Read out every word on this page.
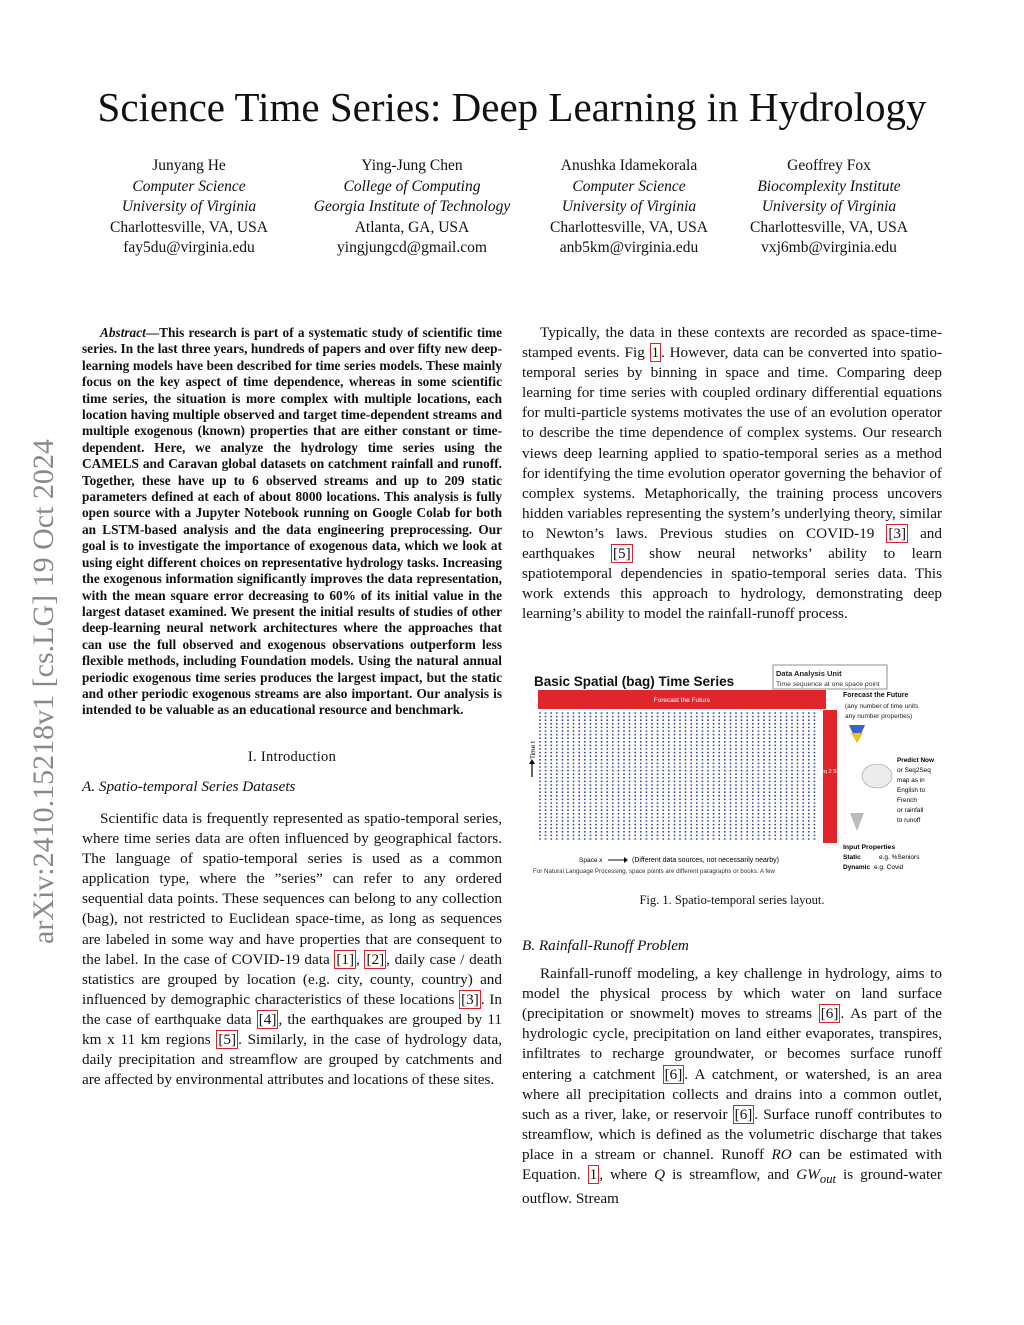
Science Time Series: Deep Learning in Hydrology
Junyang He
Computer Science
University of Virginia
Charlottesville, VA, USA
fay5du@virginia.edu
Ying-Jung Chen
College of Computing
Georgia Institute of Technology
Atlanta, GA, USA
yingjungcd@gmail.com
Anushka Idamekorala
Computer Science
University of Virginia
Charlottesville, VA, USA
anb5km@virginia.edu
Geoffrey Fox
Biocomplexity Institute
University of Virginia
Charlottesville, VA, USA
vxj6mb@virginia.edu
arXiv:2410.15218v1 [cs.LG] 19 Oct 2024

Abstract—This research is part of a systematic study of scientific time series. In the last three years, hundreds of papers and over fifty new deep-learning models have been described for time series models. These mainly focus on the key aspect of time dependence, whereas in some scientific time series, the situation is more complex with multiple locations, each location having multiple observed and target time-dependent streams and multiple exogenous (known) properties that are either constant or time-dependent. Here, we analyze the hydrology time series using the CAMELS and Caravan global datasets on catchment rainfall and runoff. Together, these have up to 6 observed streams and up to 209 static parameters defined at each of about 8000 locations. This analysis is fully open source with a Jupyter Notebook running on Google Colab for both an LSTM-based analysis and the data engineering preprocessing. Our goal is to investigate the importance of exogenous data, which we look at using eight different choices on representative hydrology tasks. Increasing the exogenous information significantly improves the data representation, with the mean square error decreasing to 60% of its initial value in the largest dataset examined. We present the initial results of studies of other deep-learning neural network architectures where the approaches that can use the full observed and exogenous observations outperform less flexible methods, including Foundation models. Using the natural annual periodic exogenous time series produces the largest impact, but the static and other periodic exogenous streams are also important. Our analysis is intended to be valuable as an educational resource and benchmark.

I. Introduction
A. Spatio-temporal Series Datasets

Scientific data is frequently represented as spatio-temporal series, where time series data are often influenced by geographical factors. The language of spatio-temporal series is used as a common application type, where the ”series” can refer to any ordered sequential data points. These sequences can belong to any collection (bag), not restricted to Euclidean space-time, as long as sequences are labeled in some way and have properties that are consequent to the label. In the case of COVID-19 data [1] , [2] , daily case / death statistics are grouped by location (e.g. city, county, country) and influenced by demographic characteristics of these locations [3] . In the case of earthquake data [4] , the earthquakes are grouped by 11 km x 11 km regions [5] . Similarly, in the case of hydrology data, daily precipitation and streamflow are grouped by catchments and are affected by environmental attributes and locations of these sites.

Typically, the data in these contexts are recorded as space-time-stamped events. Fig 1 . However, data can be converted into spatio-temporal series by binning in space and time. Comparing deep learning for time series with coupled ordinary differential equations for multi-particle systems motivates the use of an evolution operator to describe the time dependence of complex systems. Our research views deep learning applied to spatio-temporal series as a method for identifying the time evolution operator governing the behavior of complex systems. Metaphorically, the training process uncovers hidden variables representing the system’s underlying theory, similar to Newton’s laws. Previous studies on COVID-19 [3] and earthquakes [5] show neural networks’ ability to learn spatiotemporal dependencies in spatio-temporal series data. This work extends this approach to hydrology, demonstrating deep learning’s ability to model the rainfall-runoff process.

Basic Spatial (bag) Time Series
Data Analysis Unit
Time sequence at one space point
Forecast the Future
Seq 2 Seq
Forecast the Future
(any number of time units
any number properties)
Predict Now
or Seq2Seq
map as in
English to
French
or rainfall
to runoff
Input Properties
Static	e.g. %Seniors
Dynamic e.g. Covid
Time t
Space x	(Different data sources, not necessarily nearby)
For Natural Language Processing, space points are different paragraphs or books. A few
Fig. 1. Spatio-temporal series layout.
B. Rainfall-Runoff Problem

Rainfall-runoff modeling, a key challenge in hydrology, aims to model the physical process by which water on land surface (precipitation or snowmelt) moves to streams [6] . As part of the hydrologic cycle, precipitation on land either evaporates, transpires, infiltrates to recharge groundwater, or becomes surface runoff entering a catchment [6] . A catchment, or watershed, is an area where all precipitation collects and drains into a common outlet, such as a river, lake, or reservoir [6] . Surface runoff contributes to streamflow, which is defined as the volumetric discharge that takes place in a stream or channel. Runoff RO can be estimated with Equation. 1 , where Q is streamflow, and $GW_{out}$ is ground-water outflow. Stream
